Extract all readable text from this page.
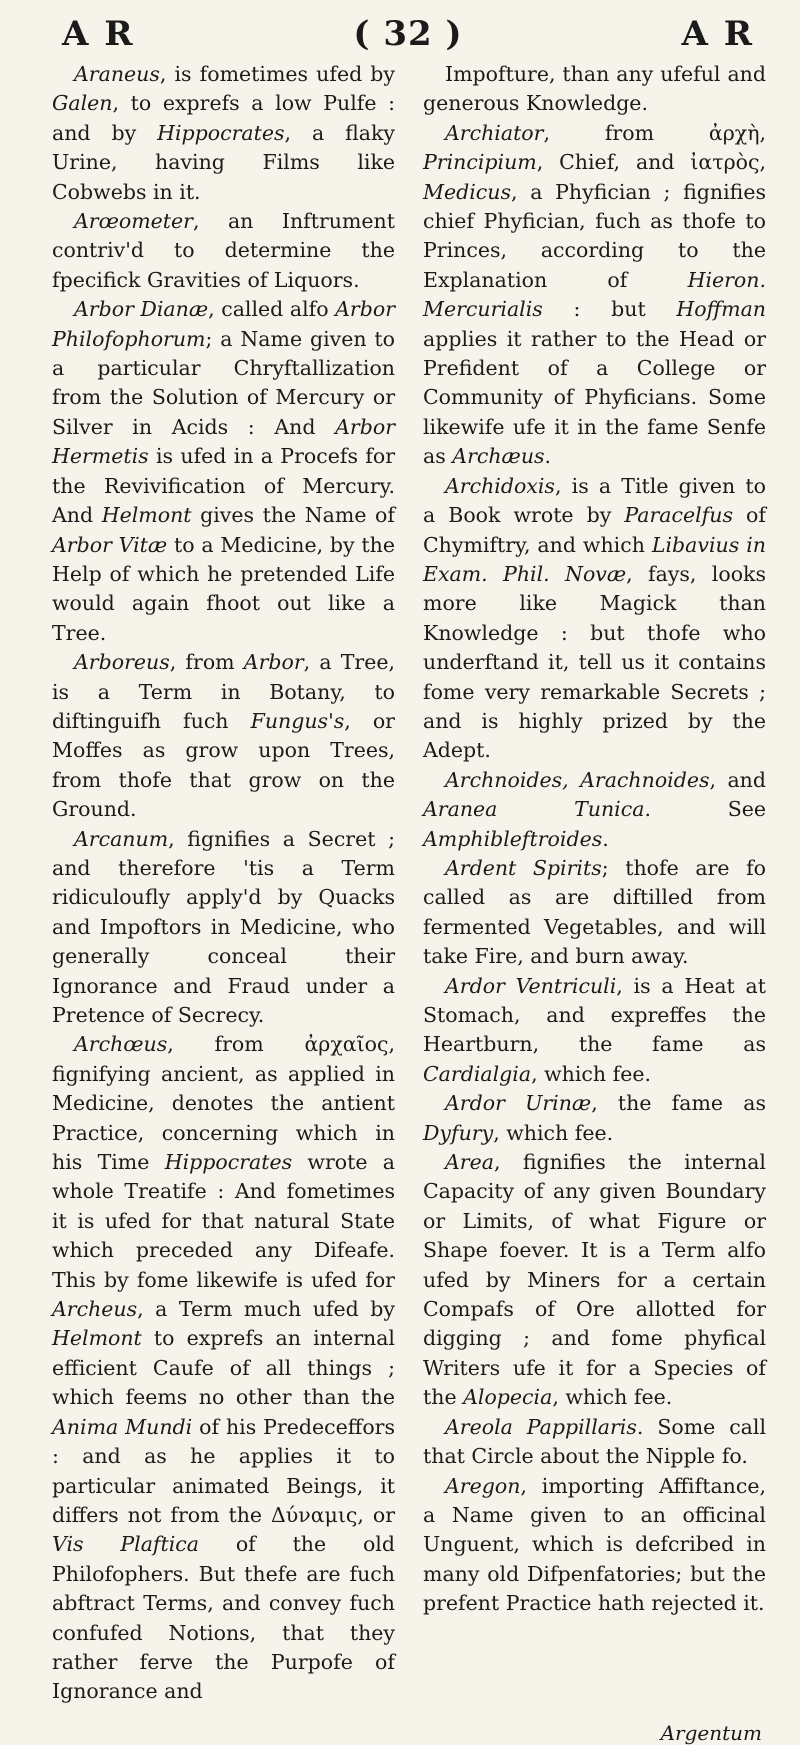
A R	( 32 )	A R

Araneus, is fometimes ufed by Galen, to exprefs a low Pulfe : and by Hippocrates, a flaky Urine, having Films like Cobwebs in it.

Arœometer, an Inftrument contriv'd to determine the fpecifick Gravities of Liquors.

Arbor Dianæ, called alfo Arbor Philofophorum; a Name given to a particular Chryftallization from the Solution of Mercury or Silver in Acids : And Arbor Hermetis is ufed in a Procefs for the Revivification of Mercury. And Helmont gives the Name of Arbor Vitæ to a Medicine, by the Help of which he pretended Life would again fhoot out like a Tree.

Arboreus, from Arbor, a Tree, is a Term in Botany, to diftinguifh fuch Fungus's, or Moffes as grow upon Trees, from thofe that grow on the Ground.

Arcanum, fignifies a Secret ; and therefore 'tis a Term ridiculoufly apply'd by Quacks and Impoftors in Medicine, who generally conceal their Ignorance and Fraud under a Pretence of Secrecy.

Archœus, from ἀρχαῖος, fignifying ancient, as applied in Medicine, denotes the antient Practice, concerning which in his Time Hippocrates wrote a whole Treatife : And fometimes it is ufed for that natural State which preceded any Difeafe. This by fome likewife is ufed for Archeus, a Term much ufed by Helmont to exprefs an internal efficient Caufe of all things ; which feems no other than the Anima Mundi of his Predeceffors : and as he applies it to particular animated Beings, it differs not from the Δύναμις, or Vis Plaftica of the old Philofophers. But thefe are fuch abftract Terms, and convey fuch confufed Notions, that they rather ferve the Purpofe of Ignorance and

Impofture, than any ufeful and generous Knowledge.

Archiator, from ἀρχὴ, Principium, Chief, and ἰατρὸς, Medicus, a Phyfician ; fignifies chief Phyfician, fuch as thofe to Princes, according to the Explanation of Hieron. Mercurialis : but Hoffman applies it rather to the Head or Prefident of a College or Community of Phyficians. Some likewife ufe it in the fame Senfe as Archæus.

Archidoxis, is a Title given to a Book wrote by Paracelfus of Chymiftry, and which Libavius in Exam. Phil. Novæ, fays, looks more like Magick than Knowledge : but thofe who underftand it, tell us it contains fome very remarkable Secrets ; and is highly prized by the Adept.

Archnoides, Arachnoides, and Aranea Tunica. See Amphibleftroides.

Ardent Spirits; thofe are fo called as are diftilled from fermented Vegetables, and will take Fire, and burn away.

Ardor Ventriculi, is a Heat at Stomach, and expreffes the Heartburn, the fame as Cardialgia, which fee.

Ardor Urinæ, the fame as Dyfury, which fee.

Area, fignifies the internal Capacity of any given Boundary or Limits, of what Figure or Shape foever. It is a Term alfo ufed by Miners for a certain Compafs of Ore allotted for digging ; and fome phyfical Writers ufe it for a Species of the Alopecia, which fee.

Areola Pappillaris. Some call that Circle about the Nipple fo.

Aregon, importing Affiftance, a Name given to an officinal Unguent, which is defcribed in many old Difpenfatories; but the prefent Practice hath rejected it.

Argentum
